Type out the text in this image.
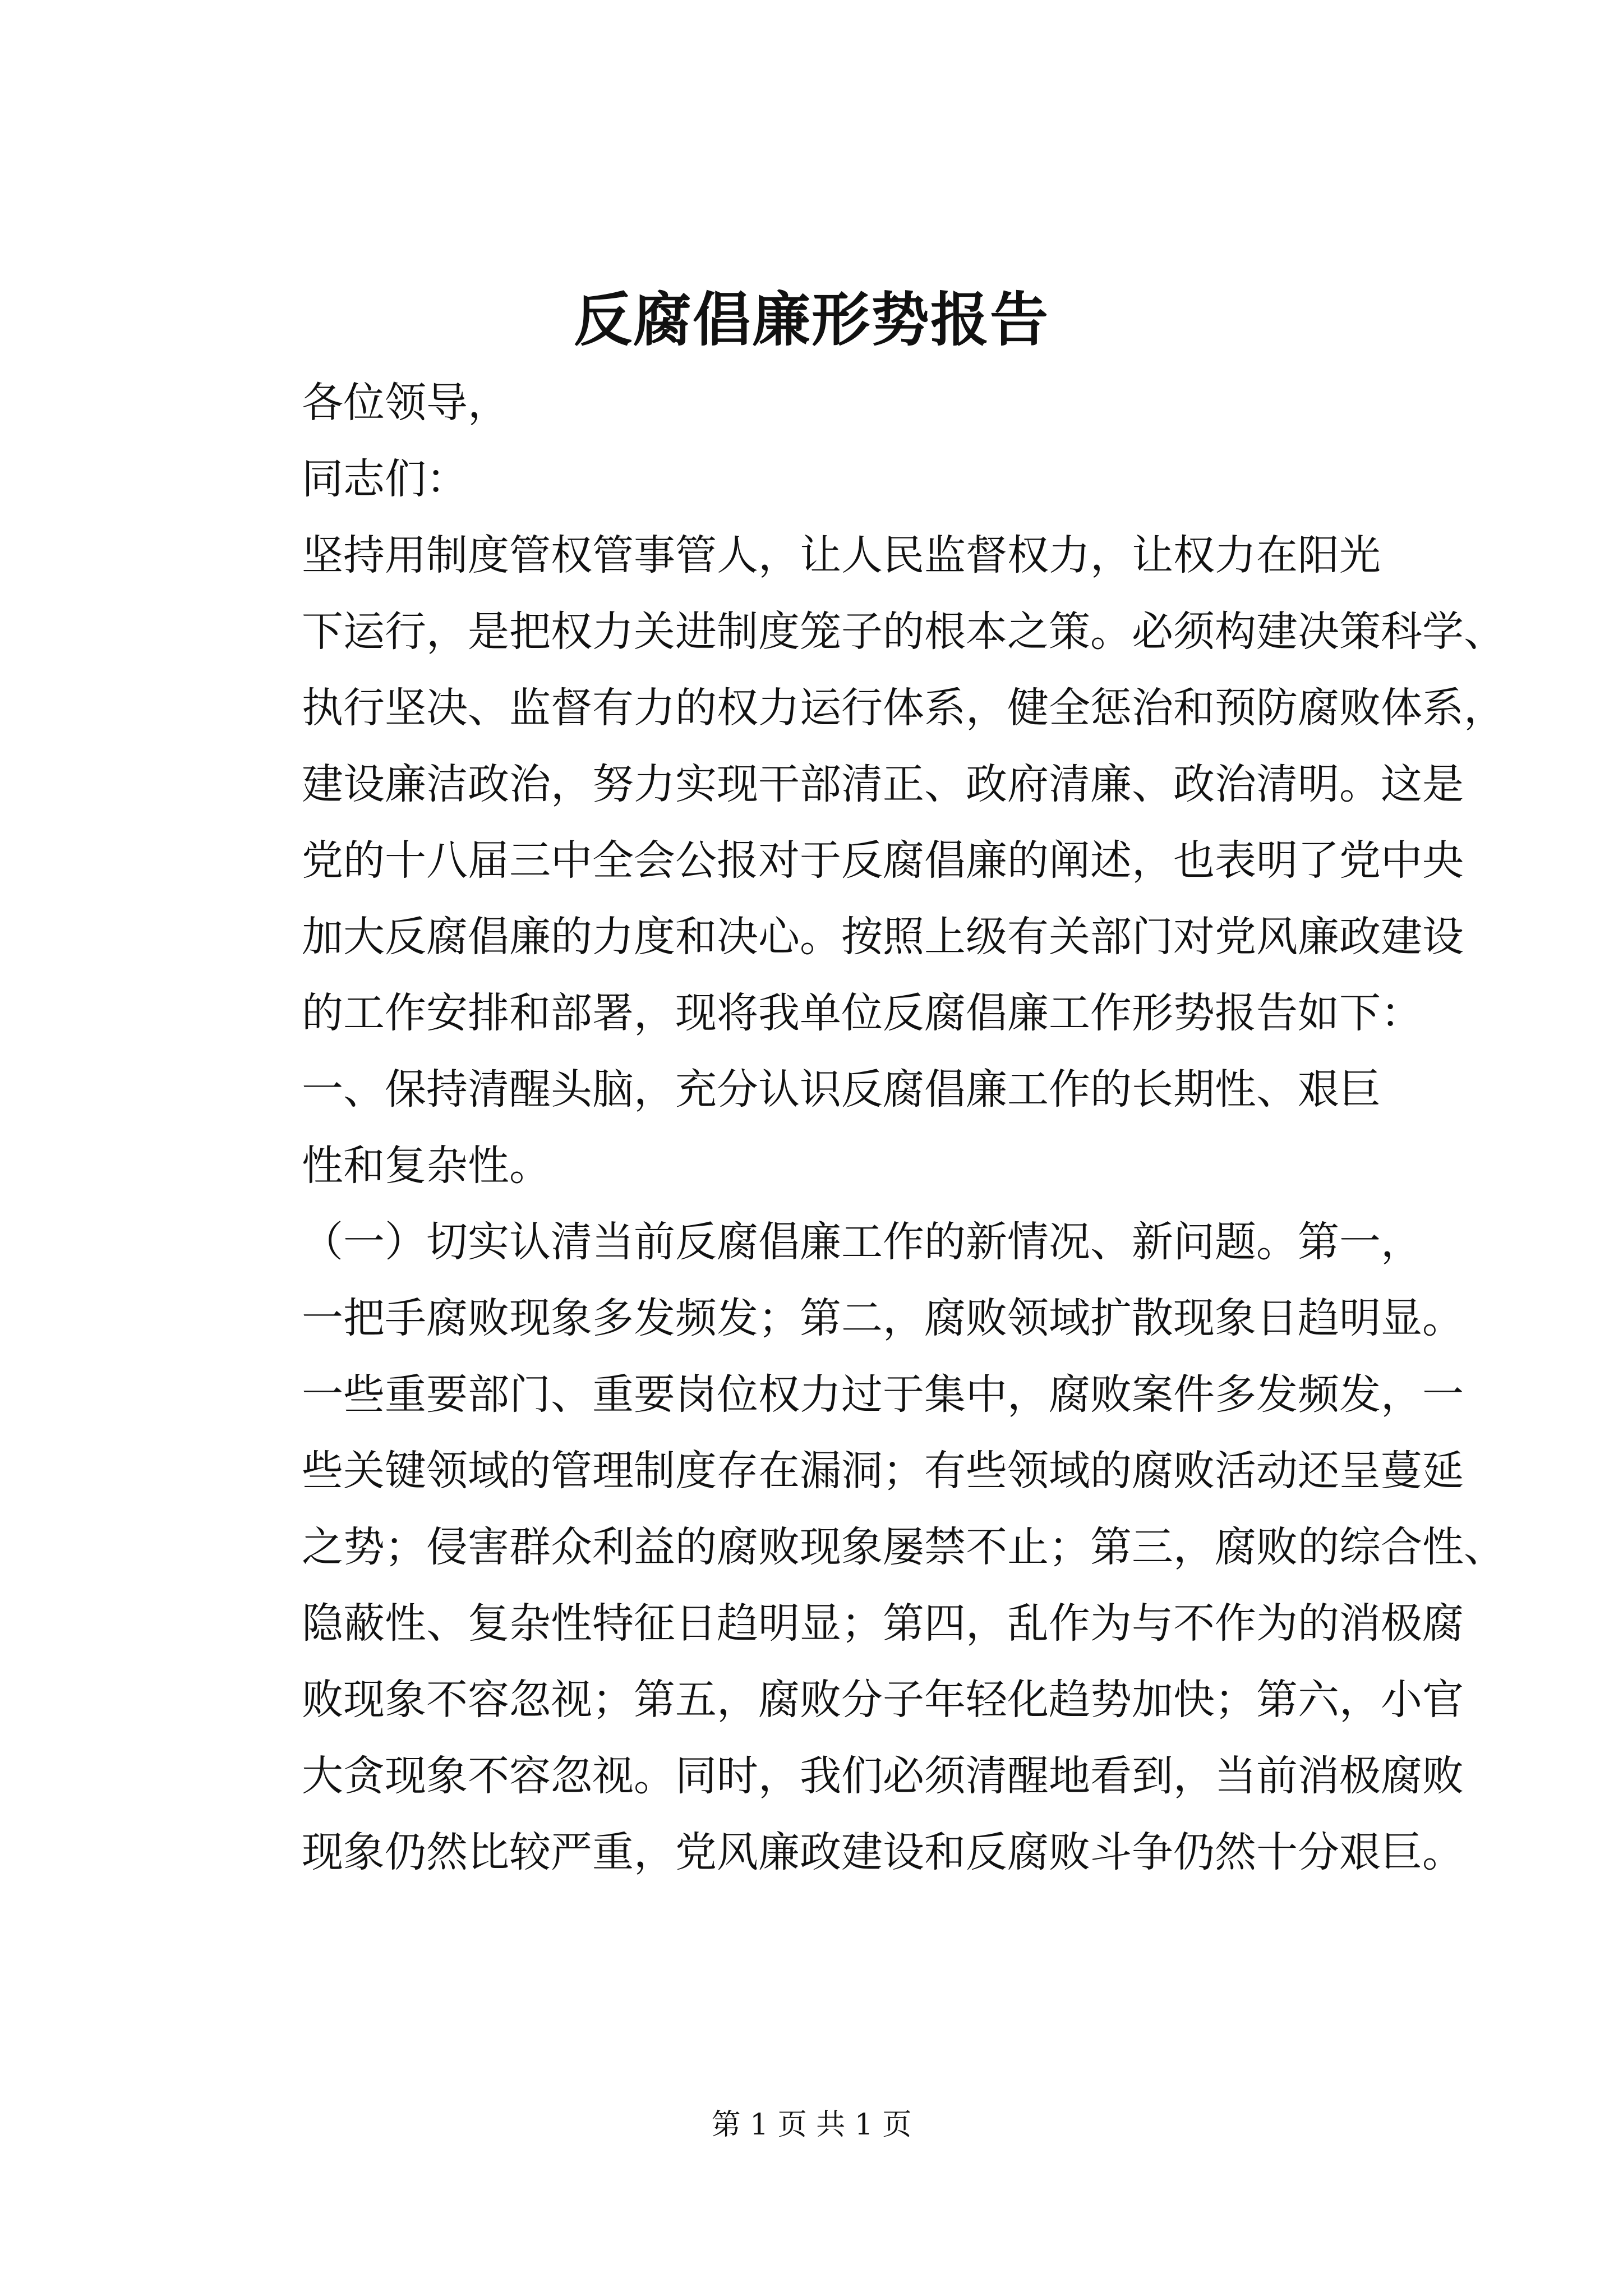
反腐倡廉形势报告

各位领导，

同志们：

坚持用制度管权管事管人，让人民监督权力，让权力在阳光
下运行，是把权力关进制度笼子的根本之策。必须构建决策科学、
执行坚决、监督有力的权力运行体系，健全惩治和预防腐败体系，
建设廉洁政治，努力实现干部清正、政府清廉、政治清明。这是
党的十八届三中全会公报对于反腐倡廉的阐述，也表明了党中央
加大反腐倡廉的力度和决心。按照上级有关部门对党风廉政建设
的工作安排和部署，现将我单位反腐倡廉工作形势报告如下：

一、保持清醒头脑，充分认识反腐倡廉工作的长期性、艰巨
性和复杂性。

（一）切实认清当前反腐倡廉工作的新情况、新问题。第一，
一把手腐败现象多发频发；第二，腐败领域扩散现象日趋明显。
一些重要部门、重要岗位权力过于集中，腐败案件多发频发，一
些关键领域的管理制度存在漏洞；有些领域的腐败活动还呈蔓延
之势；侵害群众利益的腐败现象屡禁不止；第三，腐败的综合性、
隐蔽性、复杂性特征日趋明显；第四，乱作为与不作为的消极腐
败现象不容忽视；第五，腐败分子年轻化趋势加快；第六，小官
大贪现象不容忽视。同时，我们必须清醒地看到，当前消极腐败
现象仍然比较严重，党风廉政建设和反腐败斗争仍然十分艰巨。

第 1 页 共 1 页
